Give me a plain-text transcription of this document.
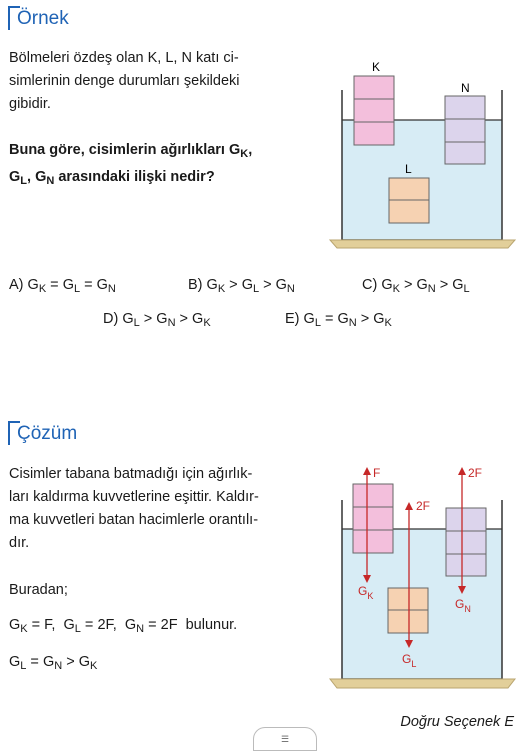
Örnek
Bölmeleri özdeş olan K, L, N katı ci-
simlerinin denge durumları şekildeki
gibidir.
Buna göre, cisimlerin ağırlıkları $G_K$,
$G_L$, $G_N$ arasındaki ilişki nedir?
K
N
L
A) $G_K = G_L = G_N$	B) $G_K > G_L > G_N$	C) $G_K > G_N > G_L$
D) $G_L > G_N > G_K$	E) $G_L = G_N > G_K$
Çözüm
Cisimler tabana batmadığı için ağırlık-
ları kaldırma kuvvetlerine eşittir. Kaldır-
ma kuvvetleri batan hacimlerle orantılı-
dır.
Buradan;
$G_K = F$,  $G_L = 2F$,  $G_N = 2F$ bulunur.
$G_L = G_N > G_K$
F
$G_K$
2F
$G_L$
2F
$G_N$
Doğru Seçenek E
☰
